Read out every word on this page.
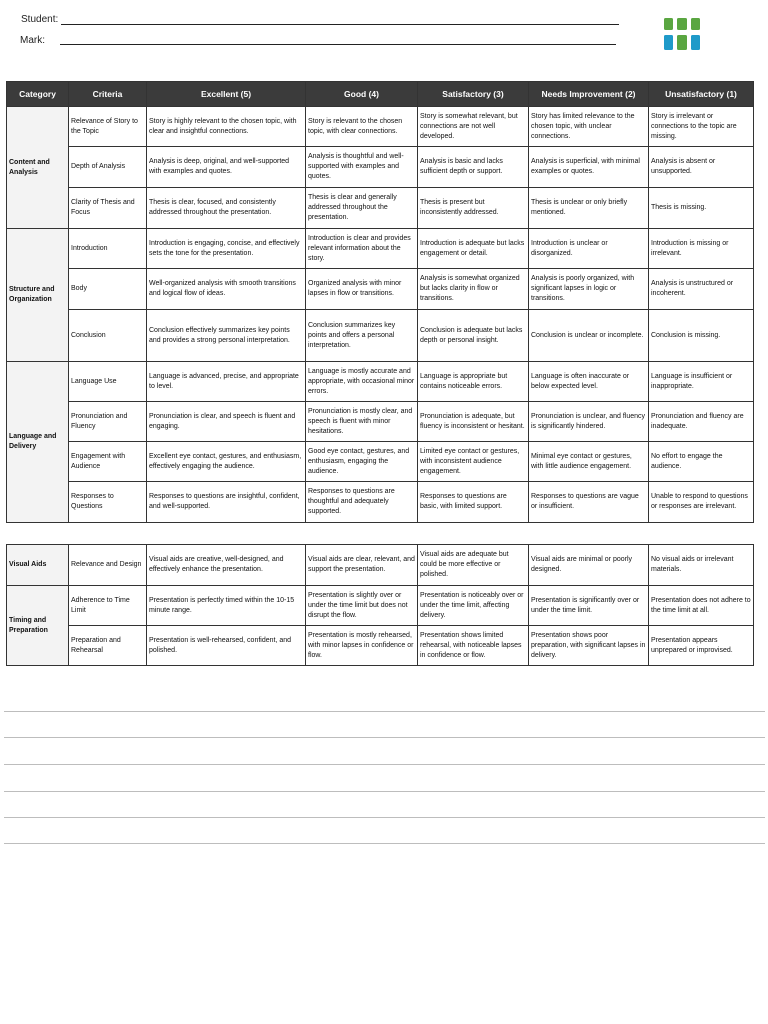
Student:
Mark:
Category	Criteria	Excellent (5)	Good (4)	Satisfactory (3)	Needs Improvement (2)	Unsatisfactory (1)
Content and Analysis	Relevance of Story to the Topic	Story is highly relevant to the chosen topic, with clear and insightful connections.	Story is relevant to the chosen topic, with clear connections.	Story is somewhat relevant, but connections are not well developed.	Story has limited relevance to the chosen topic, with unclear connections.	Story is irrelevant or connections to the topic are missing.
	Depth of Analysis	Analysis is deep, original, and well-supported with examples and quotes.	Analysis is thoughtful and well-supported with examples and quotes.	Analysis is basic and lacks sufficient depth or support.	Analysis is superficial, with minimal examples or quotes.	Analysis is absent or unsupported.
	Clarity of Thesis and Focus	Thesis is clear, focused, and consistently addressed throughout the presentation.	Thesis is clear and generally addressed throughout the presentation.	Thesis is present but inconsistently addressed.	Thesis is unclear or only briefly mentioned.	Thesis is missing.
Structure and Organization	Introduction	Introduction is engaging, concise, and effectively sets the tone for the presentation.	Introduction is clear and provides relevant information about the story.	Introduction is adequate but lacks engagement or detail.	Introduction is unclear or disorganized.	Introduction is missing or irrelevant.
	Body	Well-organized analysis with smooth transitions and logical flow of ideas.	Organized analysis with minor lapses in flow or transitions.	Analysis is somewhat organized but lacks clarity in flow or transitions.	Analysis is poorly organized, with significant lapses in logic or transitions.	Analysis is unstructured or incoherent.
	Conclusion	Conclusion effectively summarizes key points and provides a strong personal interpretation.	Conclusion summarizes key points and offers a personal interpretation.	Conclusion is adequate but lacks depth or personal insight.	Conclusion is unclear or incomplete.	Conclusion is missing.
Language and Delivery	Language Use	Language is advanced, precise, and appropriate to level.	Language is mostly accurate and appropriate, with occasional minor errors.	Language is appropriate but contains noticeable errors.	Language is often inaccurate or below expected level.	Language is insufficient or inappropriate.
	Pronunciation and Fluency	Pronunciation is clear, and speech is fluent and engaging.	Pronunciation is mostly clear, and speech is fluent with minor hesitations.	Pronunciation is adequate, but fluency is inconsistent or hesitant.	Pronunciation is unclear, and fluency is significantly hindered.	Pronunciation and fluency are inadequate.
	Engagement with Audience	Excellent eye contact, gestures, and enthusiasm, effectively engaging the audience.	Good eye contact, gestures, and enthusiasm, engaging the audience.	Limited eye contact or gestures, with inconsistent audience engagement.	Minimal eye contact or gestures, with little audience engagement.	No effort to engage the audience.
	Responses to Questions	Responses to questions are insightful, confident, and well-supported.	Responses to questions are thoughtful and adequately supported.	Responses to questions are basic, with limited support.	Responses to questions are vague or insufficient.	Unable to respond to questions or responses are irrelevant.
Visual Aids	Relevance and Design	Visual aids are creative, well-designed, and effectively enhance the presentation.	Visual aids are clear, relevant, and support the presentation.	Visual aids are adequate but could be more effective or polished.	Visual aids are minimal or poorly designed.	No visual aids or irrelevant materials.
Timing and Preparation	Adherence to Time Limit	Presentation is perfectly timed within the 10-15 minute range.	Presentation is slightly over or under the time limit but does not disrupt the flow.	Presentation is noticeably over or under the time limit, affecting delivery.	Presentation is significantly over or under the time limit.	Presentation does not adhere to the time limit at all.
	Preparation and Rehearsal	Presentation is well-rehearsed, confident, and polished.	Presentation is mostly rehearsed, with minor lapses in confidence or flow.	Presentation shows limited rehearsal, with noticeable lapses in confidence or flow.	Presentation shows poor preparation, with significant lapses in delivery.	Presentation appears unprepared or improvised.
